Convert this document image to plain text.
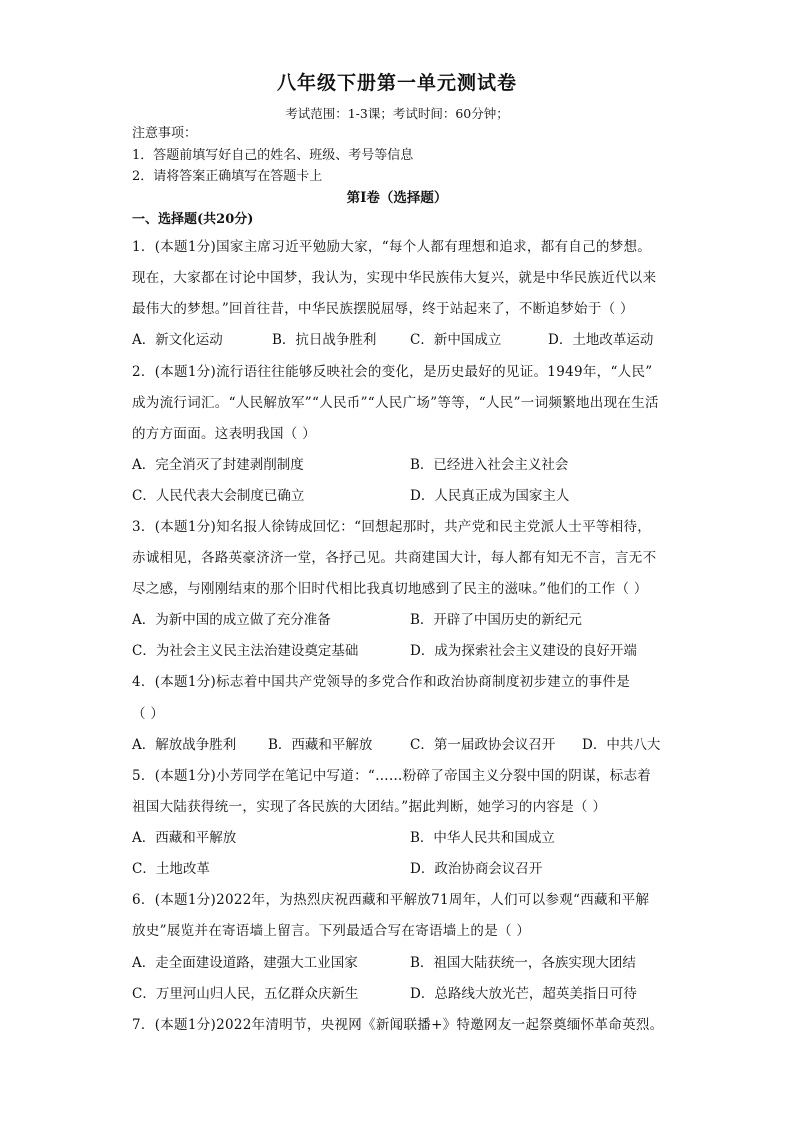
八年级下册第一单元测试卷
考试范围：1-3课；考试时间：60分钟；
注意事项：
1．答题前填写好自己的姓名、班级、考号等信息
2．请将答案正确填写在答题卡上
第I卷（选择题）
一、选择题(共20分)
1．(本题1分)国家主席习近平勉励大家，“每个人都有理想和追求，都有自己的梦想。
现在，大家都在讨论中国梦，我认为，实现中华民族伟大复兴，就是中华民族近代以来
最伟大的梦想。”回首往昔，中华民族摆脱屈辱，终于站起来了，不断追梦始于（ ）
A．新文化运动	B．抗日战争胜利 C．新中国成立	D．土地改革运动
2．(本题1分)流行语往往能够反映社会的变化，是历史最好的见证。1949年，“人民”
成为流行词汇。“人民解放军”“人民币”“人民广场”等等，“人民”一词频繁地出现在生活
的方方面面。这表明我国（ ）
A．完全消灭了封建剥削制度	B．已经进入社会主义社会
C．人民代表大会制度已确立	D．人民真正成为国家主人
3．(本题1分)知名报人徐铸成回忆：“回想起那时，共产党和民主党派人士平等相待，
赤诚相见，各路英豪济济一堂，各抒己见。共商建国大计，每人都有知无不言，言无不
尽之感，与刚刚结束的那个旧时代相比我真切地感到了民主的滋味。”他们的工作（ ）
A．为新中国的成立做了充分准备	B．开辟了中国历史的新纪元
C．为社会主义民主法治建设奠定基础	D．成为探索社会主义建设的良好开端
4．(本题1分)标志着中国共产党领导的多党合作和政治协商制度初步建立的事件是
（ ）
A．解放战争胜利 B．西藏和平解放	C．第一届政协会议召开 D．中共八大
5．(本题1分)小芳同学在笔记中写道：“……粉碎了帝国主义分裂中国的阴谋，标志着
祖国大陆获得统一，实现了各民族的大团结。”据此判断，她学习的内容是（ ）
A．西藏和平解放	B．中华人民共和国成立
C．土地改革	D．政治协商会议召开
6．(本题1分)2022年，为热烈庆祝西藏和平解放71周年，人们可以参观“西藏和平解
放史”展览并在寄语墙上留言。下列最适合写在寄语墙上的是（ ）
A．走全面建设道路，建强大工业国家	B．祖国大陆获统一，各族实现大团结
C．万里河山归人民，五亿群众庆新生	D．总路线大放光芒，超英美指日可待
7．(本题1分)2022年清明节，央视网《新闻联播+》特邀网友一起祭奠缅怀革命英烈。
